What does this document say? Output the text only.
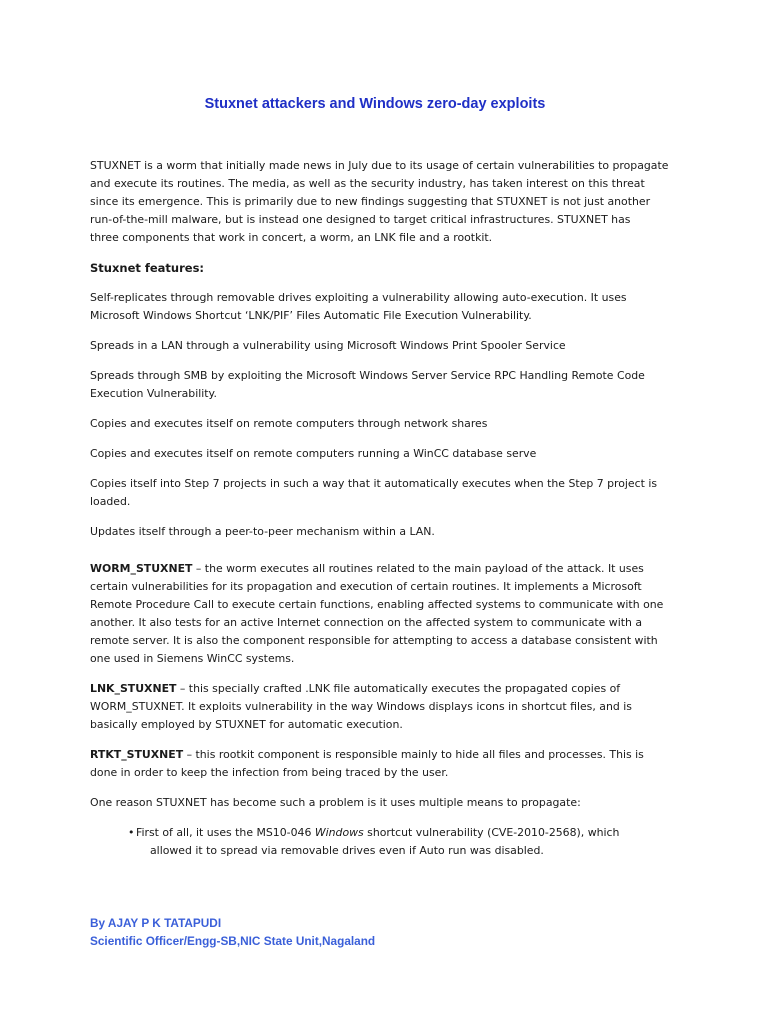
Stuxnet attackers and Windows zero-day exploits
STUXNET is a worm that initially made news in July due to its usage of certain vulnerabilities to propagate
and execute its routines. The media, as well as the security industry, has taken interest on this threat
since its emergence. This is primarily due to new findings suggesting that STUXNET is not just another
run-of-the-mill malware, but is instead one designed to target critical infrastructures. STUXNET has
three components that work in concert, a worm, an LNK file and a rootkit.
Stuxnet features:
Self-replicates through removable drives exploiting a vulnerability allowing auto-execution. It uses
Microsoft Windows Shortcut ‘LNK/PIF’ Files Automatic File Execution Vulnerability.
Spreads in a LAN through a vulnerability using Microsoft Windows Print Spooler Service
Spreads through SMB by exploiting the Microsoft Windows Server Service RPC Handling Remote Code
Execution Vulnerability.
Copies and executes itself on remote computers through network shares
Copies and executes itself on remote computers running a WinCC database serve
Copies itself into Step 7 projects in such a way that it automatically executes when the Step 7 project is
loaded.
Updates itself through a peer-to-peer mechanism within a LAN.
WORM_STUXNET – the worm executes all routines related to the main payload of the attack. It uses
certain vulnerabilities for its propagation and execution of certain routines. It implements a Microsoft
Remote Procedure Call to execute certain functions, enabling affected systems to communicate with one
another. It also tests for an active Internet connection on the affected system to communicate with a
remote server. It is also the component responsible for attempting to access a database consistent with
one used in Siemens WinCC systems.
LNK_STUXNET – this specially crafted .LNK file automatically executes the propagated copies of
WORM_STUXNET. It exploits vulnerability in the way Windows displays icons in shortcut files, and is
basically employed by STUXNET for automatic execution.
RTKT_STUXNET – this rootkit component is responsible mainly to hide all files and processes. This is
done in order to keep the infection from being traced by the user.
One reason STUXNET has become such a problem is it uses multiple means to propagate:
• First of all, it uses the MS10-046 Windows shortcut vulnerability (CVE-2010-2568), which
allowed it to spread via removable drives even if Auto run was disabled.
By AJAY P K TATAPUDI
Scientific Officer/Engg-SB,NIC State Unit,Nagaland
